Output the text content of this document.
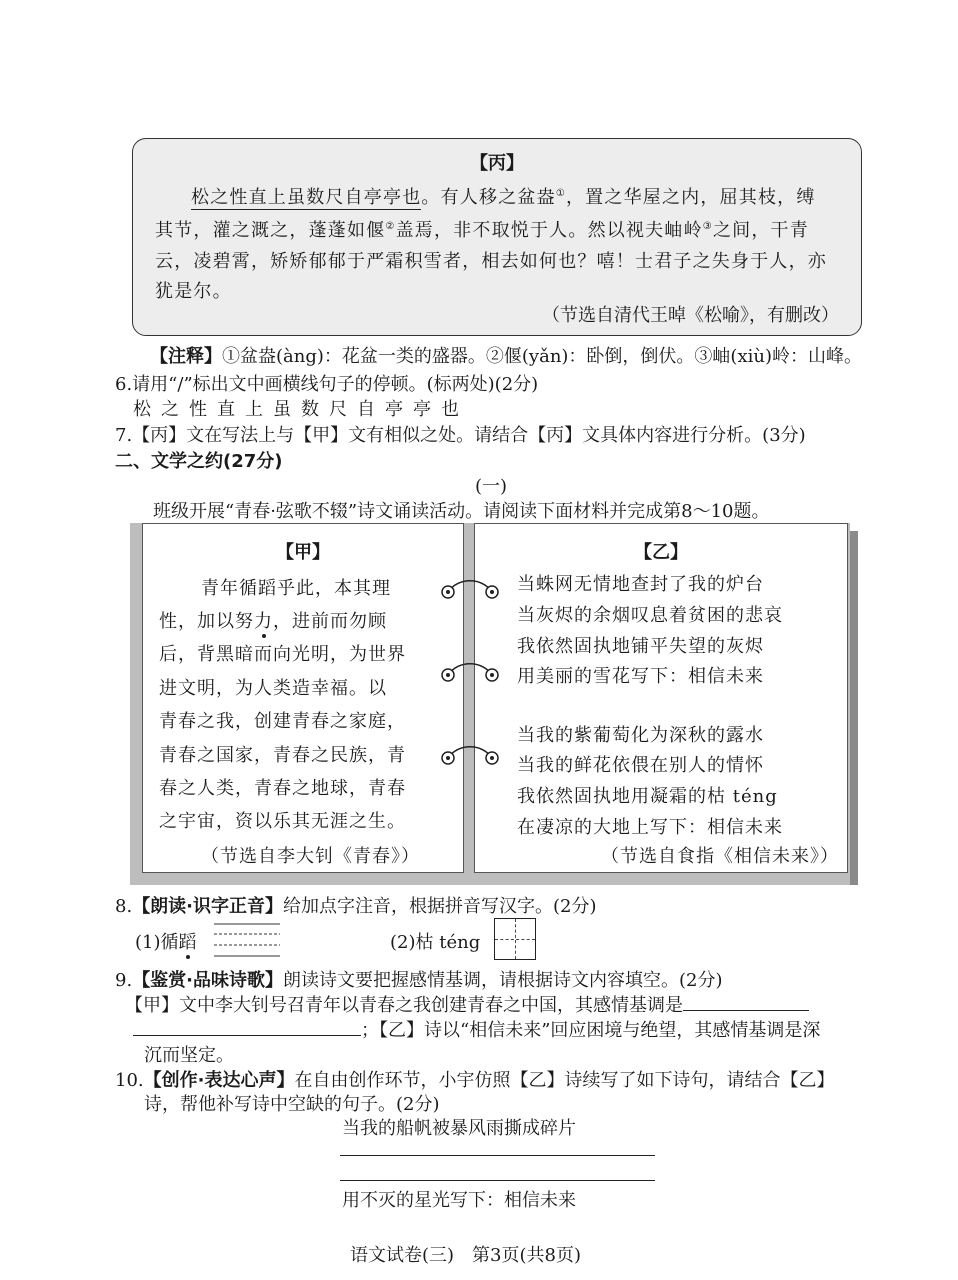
【丙】
松之性直上虽数尺自亭亭也。有人移之盆盎①，置之华屋之内，屈其枝，缚
其节，灌之溉之，蓬蓬如偃②盖焉，非不取悦于人。然以视夫岫岭③之间，干青
云，凌碧霄，矫矫郁郁于严霜积雪者，相去如何也？嘻！士君子之失身于人，亦
犹是尔。
（节选自清代王晫《松喻》，有删改）
【注释】①盆盎(àng)：花盆一类的盛器。②偃(yǎn)：卧倒，倒伏。③岫(xiù)岭：山峰。
6.请用“/”标出文中画横线句子的停顿。(标两处)(2分)
松之性直上虽数尺自亭亭也
7.【丙】文在写法上与【甲】文有相似之处。请结合【丙】文具体内容进行分析。(3分)
二、文学之约(27分)
(一)
班级开展“青春·弦歌不辍”诗文诵读活动。请阅读下面材料并完成第8～10题。
【甲】
青年循蹈乎此，本其理
性，加以努力，进前而勿顾
后，背黑暗而向光明，为世界
进文明，为人类造幸福。以
青春之我，创建青春之家庭，
青春之国家，青春之民族，青
春之人类，青春之地球，青春
之宇宙，资以乐其无涯之生。
（节选自李大钊《青春》）
【乙】
当蛛网无情地查封了我的炉台
当灰烬的余烟叹息着贫困的悲哀
我依然固执地铺平失望的灰烬
用美丽的雪花写下：相信未来
当我的紫葡萄化为深秋的露水
当我的鲜花依偎在别人的情怀
我依然固执地用凝霜的枯 téng
在凄凉的大地上写下：相信未来
（节选自食指《相信未来》）
8.【朗读·识字正音】给加点字注音，根据拼音写汉字。(2分)
(1)循蹈	(2)枯 téng
9.【鉴赏·品味诗歌】朗读诗文要把握感情基调，请根据诗文内容填空。(2分)
【甲】文中李大钊号召青年以青春之我创建青春之中国，其感情基调是
；【乙】诗以“相信未来”回应困境与绝望，其感情基调是深
沉而坚定。
10.【创作·表达心声】在自由创作环节，小宇仿照【乙】诗续写了如下诗句，请结合【乙】
诗，帮他补写诗中空缺的句子。(2分)
当我的船帆被暴风雨撕成碎片
用不灭的星光写下：相信未来
语文试卷(三)　第3页(共8页)
